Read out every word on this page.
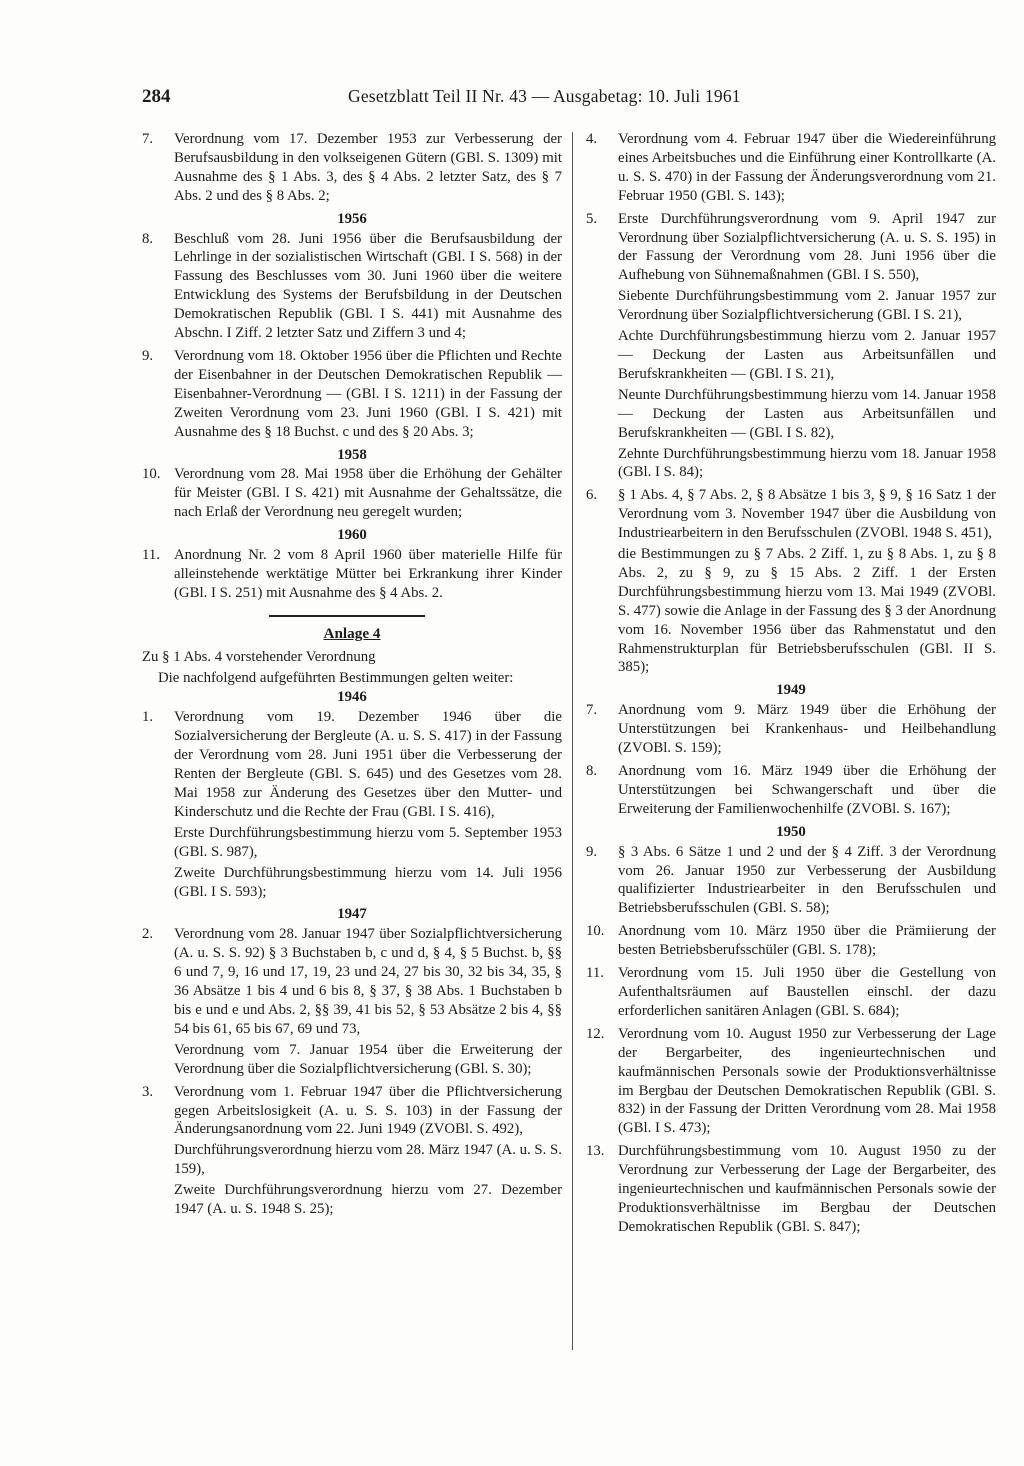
284	Gesetzblatt Teil II Nr. 43 — Ausgabetag: 10. Juli 1961
7.	Verordnung vom 17. Dezember 1953 zur Verbesserung der Berufsausbildung in den volkseigenen Gütern (GBl. S. 1309) mit Ausnahme des § 1 Abs. 3, des § 4 Abs. 2 letzter Satz, des § 7 Abs. 2 und des § 8 Abs. 2;

1956
8.	Beschluß vom 28. Juni 1956 über die Berufsausbildung der Lehrlinge in der sozialistischen Wirtschaft (GBl. I S. 568) in der Fassung des Beschlusses vom 30. Juni 1960 über die weitere Entwicklung des Systems der Berufsbildung in der Deutschen Demokratischen Republik (GBl. I S. 441) mit Ausnahme des Abschn. I Ziff. 2 letzter Satz und Ziffern 3 und 4;

9.	Verordnung vom 18. Oktober 1956 über die Pflichten und Rechte der Eisenbahner in der Deutschen Demokratischen Republik — Eisenbahner-Verordnung — (GBl. I S. 1211) in der Fassung der Zweiten Verordnung vom 23. Juni 1960 (GBl. I S. 421) mit Ausnahme des § 18 Buchst. c und des § 20 Abs. 3;

1958
10. Verordnung vom 28. Mai 1958 über die Erhöhung der Gehälter für Meister (GBl. I S. 421) mit Ausnahme der Gehaltssätze, die nach Erlaß der Verordnung neu geregelt wurden;

1960
11. Anordnung Nr. 2 vom 8 April 1960 über materielle Hilfe für alleinstehende werktätige Mütter bei Erkrankung ihrer Kinder (GBl. I S. 251) mit Ausnahme des § 4 Abs. 2.

Anlage 4
Zu § 1 Abs. 4 vorstehender Verordnung
Die nachfolgend aufgeführten Bestimmungen gelten weiter:
1946
1.	Verordnung vom 19. Dezember 1946 über die Sozialversicherung der Bergleute (A. u. S. S. 417) in der Fassung der Verordnung vom 28. Juni 1951 über die Verbesserung der Renten der Bergleute (GBl. S. 645) und des Gesetzes vom 28. Mai 1958 zur Änderung des Gesetzes über den Mutter- und Kinderschutz und die Rechte der Frau (GBl. I S. 416),

Erste Durchführungsbestimmung hierzu vom 5. September 1953 (GBl. S. 987),

Zweite Durchführungsbestimmung hierzu vom 14. Juli 1956 (GBl. I S. 593);

1947
2.	Verordnung vom 28. Januar 1947 über Sozialpflichtversicherung (A. u. S. S. 92) § 3 Buchstaben b, c und d, § 4, § 5 Buchst. b, §§ 6 und 7, 9, 16 und 17, 19, 23 und 24, 27 bis 30, 32 bis 34, 35, § 36 Absätze 1 bis 4 und 6 bis 8, § 37, § 38 Abs. 1 Buchstaben b bis e und e und Abs. 2, §§ 39, 41 bis 52, § 53 Absätze 2 bis 4, §§ 54 bis 61, 65 bis 67, 69 und 73,

Verordnung vom 7. Januar 1954 über die Erweiterung der Verordnung über die Sozialpflichtversicherung (GBl. S. 30);

3.	Verordnung vom 1. Februar 1947 über die Pflichtversicherung gegen Arbeitslosigkeit (A. u. S. S. 103) in der Fassung der Änderungsanordnung vom 22. Juni 1949 (ZVOBl. S. 492),

Durchführungsverordnung hierzu vom 28. März 1947 (A. u. S. S. 159),

Zweite Durchführungsverordnung hierzu vom 27. Dezember 1947 (A. u. S. 1948 S. 25);

4.	Verordnung vom 4. Februar 1947 über die Wiedereinführung eines Arbeitsbuches und die Einführung einer Kontrollkarte (A. u. S. S. 470) in der Fassung der Änderungsverordnung vom 21. Februar 1950 (GBl. S. 143);

5.	Erste Durchführungsverordnung vom 9. April 1947 zur Verordnung über Sozialpflichtversicherung (A. u. S. S. 195) in der Fassung der Verordnung vom 28. Juni 1956 über die Aufhebung von Sühnemaßnahmen (GBl. I S. 550),

Siebente Durchführungsbestimmung vom 2. Januar 1957 zur Verordnung über Sozialpflichtversicherung (GBl. I S. 21),

Achte Durchführungsbestimmung hierzu vom 2. Januar 1957 — Deckung der Lasten aus Arbeitsunfällen und Berufskrankheiten — (GBl. I S. 21),

Neunte Durchführungsbestimmung hierzu vom 14. Januar 1958 — Deckung der Lasten aus Arbeitsunfällen und Berufskrankheiten — (GBl. I S. 82),

Zehnte Durchführungsbestimmung hierzu vom 18. Januar 1958 (GBl. I S. 84);

6.	§ 1 Abs. 4, § 7 Abs. 2, § 8 Absätze 1 bis 3, § 9, § 16 Satz 1 der Verordnung vom 3. November 1947 über die Ausbildung von Industriearbeitern in den Berufsschulen (ZVOBl. 1948 S. 451),

die Bestimmungen zu § 7 Abs. 2 Ziff. 1, zu § 8 Abs. 1, zu § 8 Abs. 2, zu § 9, zu § 15 Abs. 2 Ziff. 1 der Ersten Durchführungsbestimmung hierzu vom 13. Mai 1949 (ZVOBl. S. 477) sowie die Anlage in der Fassung des § 3 der Anordnung vom 16. November 1956 über das Rahmenstatut und den Rahmenstrukturplan für Betriebsberufsschulen (GBl. II S. 385);

1949
7.	Anordnung vom 9. März 1949 über die Erhöhung der Unterstützungen bei Krankenhaus- und Heilbehandlung (ZVOBl. S. 159);

8.	Anordnung vom 16. März 1949 über die Erhöhung der Unterstützungen bei Schwangerschaft und über die Erweiterung der Familienwochenhilfe (ZVOBl. S. 167);

1950
9.	§ 3 Abs. 6 Sätze 1 und 2 und der § 4 Ziff. 3 der Verordnung vom 26. Januar 1950 zur Verbesserung der Ausbildung qualifizierter Industriearbeiter in den Berufsschulen und Betriebsberufsschulen (GBl. S. 58);

10. Anordnung vom 10. März 1950 über die Prämiierung der besten Betriebsberufsschüler (GBl. S. 178);

11. Verordnung vom 15. Juli 1950 über die Gestellung von Aufenthaltsräumen auf Baustellen einschl. der dazu erforderlichen sanitären Anlagen (GBl. S. 684);

12. Verordnung vom 10. August 1950 zur Verbesserung der Lage der Bergarbeiter, des ingenieurtechnischen und kaufmännischen Personals sowie der Produktionsverhältnisse im Bergbau der Deutschen Demokratischen Republik (GBl. S. 832) in der Fassung der Dritten Verordnung vom 28. Mai 1958 (GBl. I S. 473);

13. Durchführungsbestimmung vom 10. August 1950 zu der Verordnung zur Verbesserung der Lage der Bergarbeiter, des ingenieurtechnischen und kaufmännischen Personals sowie der Produktionsverhältnisse im Bergbau der Deutschen Demokratischen Republik (GBl. S. 847);
